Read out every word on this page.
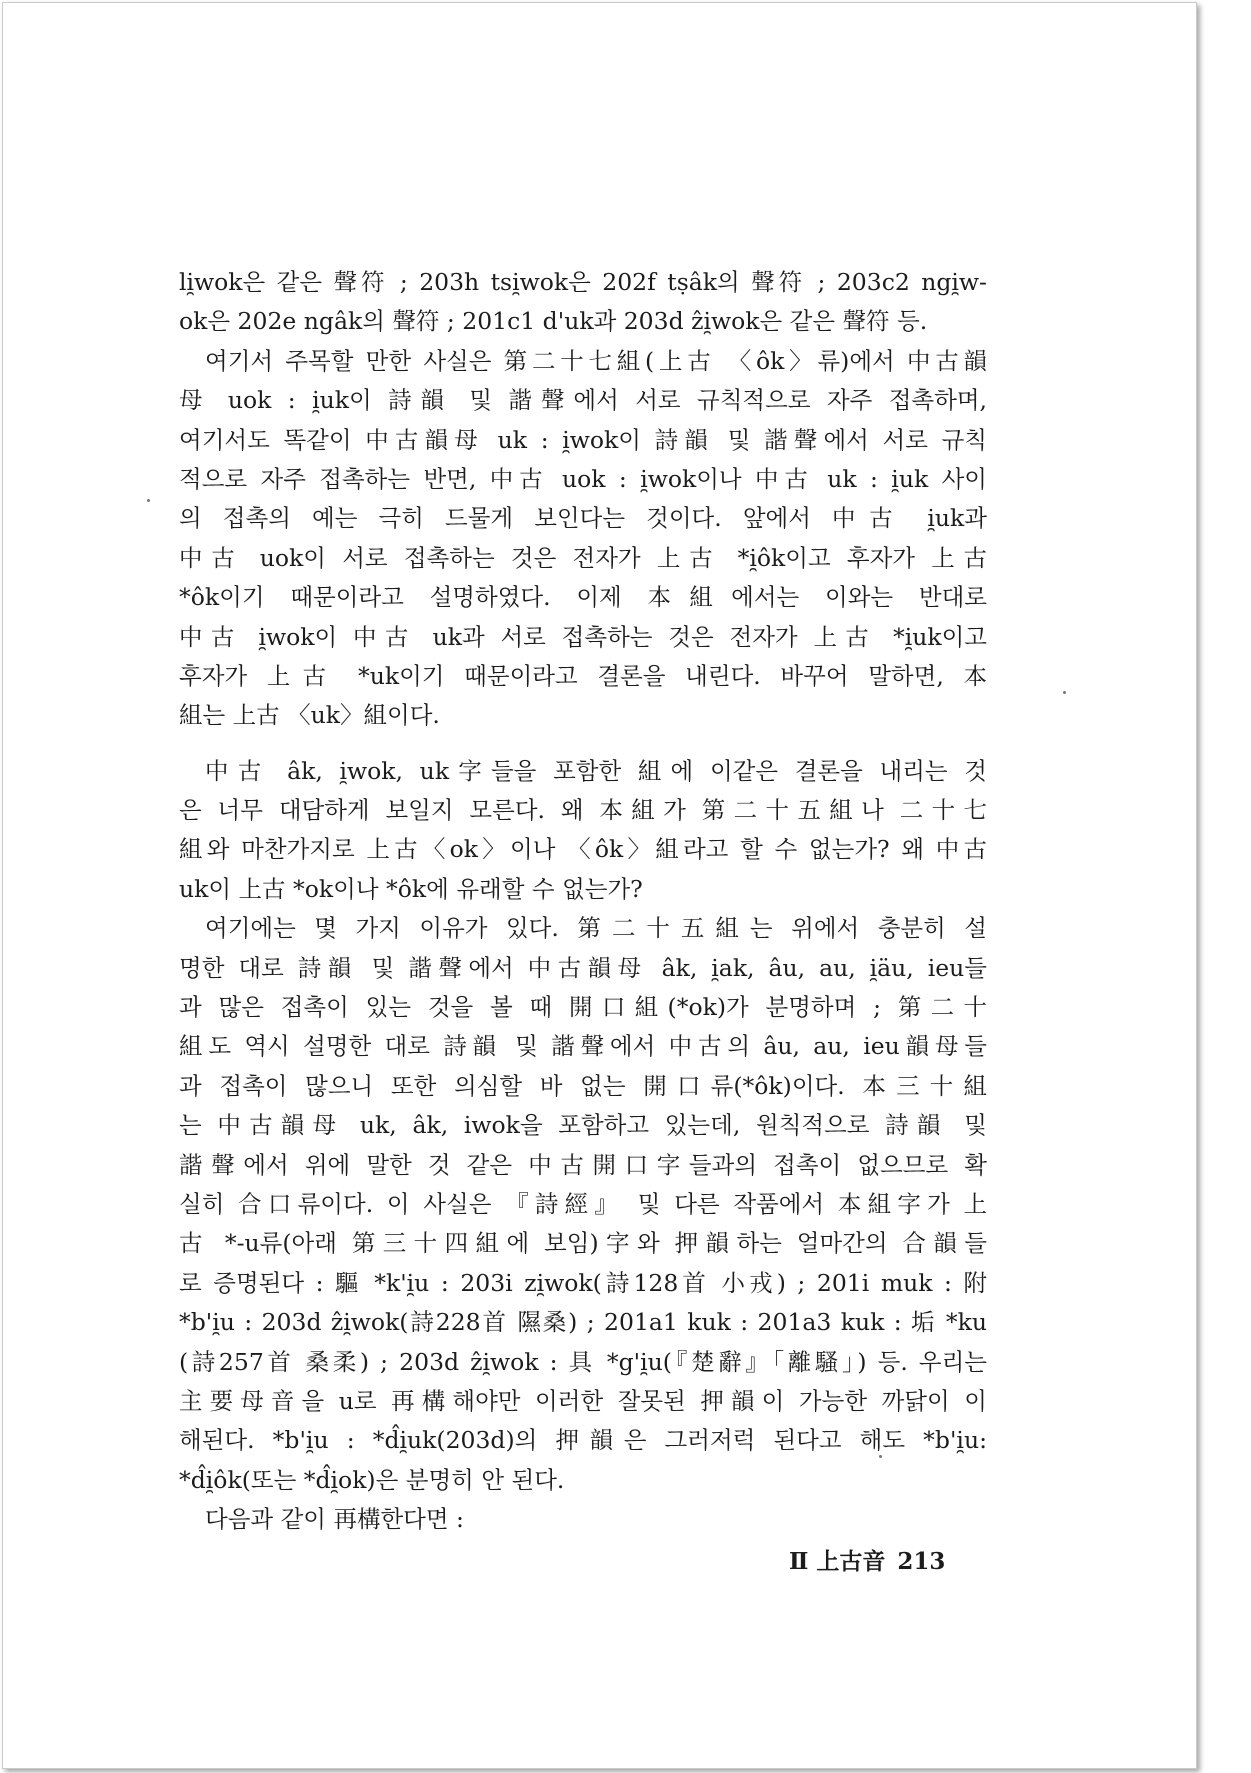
li̯wok은 같은 聲符 ; 203h tsi̯wok은 202f tṣâk의 聲符 ; 203c2 ngi̯w-
ok은 202e ngâk의 聲符 ; 201c1 d'uk과 203d ẑi̯wok은 같은 聲符 등.
여기서 주목할 만한 사실은 第二十七組(上古 〈ôk〉류)에서 中古韻
母 uok : i̯uk이 詩韻 및 諧聲에서 서로 규칙적으로 자주 접촉하며,
여기서도 똑같이 中古韻母 uk : i̯wok이 詩韻 및 諧聲에서 서로 규칙
적으로 자주 접촉하는 반면, 中古 uok : i̯wok이나 中古 uk : i̯uk 사이
의 접촉의 예는 극히 드물게 보인다는 것이다. 앞에서 中古 i̯uk과
中古 uok이 서로 접촉하는 것은 전자가 上古 *i̯ôk이고 후자가 上古
*ôk이기 때문이라고 설명하였다. 이제 本組에서는 이와는 반대로
中古 i̯wok이 中古 uk과 서로 접촉하는 것은 전자가 上古 *i̯uk이고
후자가 上古 *uk이기 때문이라고 결론을 내린다. 바꾸어 말하면, 本
組는 上古 〈uk〉組이다.
中古 âk, i̯wok, uk字들을 포함한 組에 이같은 결론을 내리는 것
은 너무 대담하게 보일지 모른다. 왜 本組가 第二十五組나 二十七
組와 마찬가지로 上古〈ok〉이나 〈ôk〉組라고 할 수 없는가? 왜 中古
uk이 上古 *ok이나 *ôk에 유래할 수 없는가?
여기에는 몇 가지 이유가 있다. 第二十五組는 위에서 충분히 설
명한 대로 詩韻 및 諧聲에서 中古韻母 âk, i̯ak, âu, au, i̯äu, ieu들
과 많은 접촉이 있는 것을 볼 때 開口組(*ok)가 분명하며 ; 第二十
組도 역시 설명한 대로 詩韻 및 諧聲에서 中古의 âu, au, ieu韻母들
과 접촉이 많으니 또한 의심할 바 없는 開口류(*ôk)이다. 本三十組
는 中古韻母 uk, âk, iwok을 포함하고 있는데, 원칙적으로 詩韻 및
諧聲에서 위에 말한 것 같은 中古開口字들과의 접촉이 없으므로 확
실히 合口류이다. 이 사실은 『詩經』 및 다른 작품에서 本組字가 上
古 *-u류(아래 第三十四組에 보임)字와 押韻하는 얼마간의 合韻들
로 증명된다 : 驅 *k'i̯u : 203i zi̯wok(詩128首 小戎) ; 201i muk : 附
*b'i̯u : 203d ẑi̯wok(詩228首 隰桑) ; 201a1 kuk : 201a3 kuk : 垢 *ku
(詩257首 桑柔) ; 203d ẑi̯wok : 具 *g'i̯u(『楚辭』「離騷」) 등. 우리는
主要母音을 u로 再構해야만 이러한 잘못된 押韻이 가능한 까닭이 이
해된다. *b'i̯u : *d̂i̯uk(203d)의 押韻은 그러저럭 된다고 해도 *b'i̯u:
*d̂i̯ôk(또는 *d̂i̯ok)은 분명히 안 된다.
다음과 같이 再構한다면 :
Ⅱ 上古音 213
